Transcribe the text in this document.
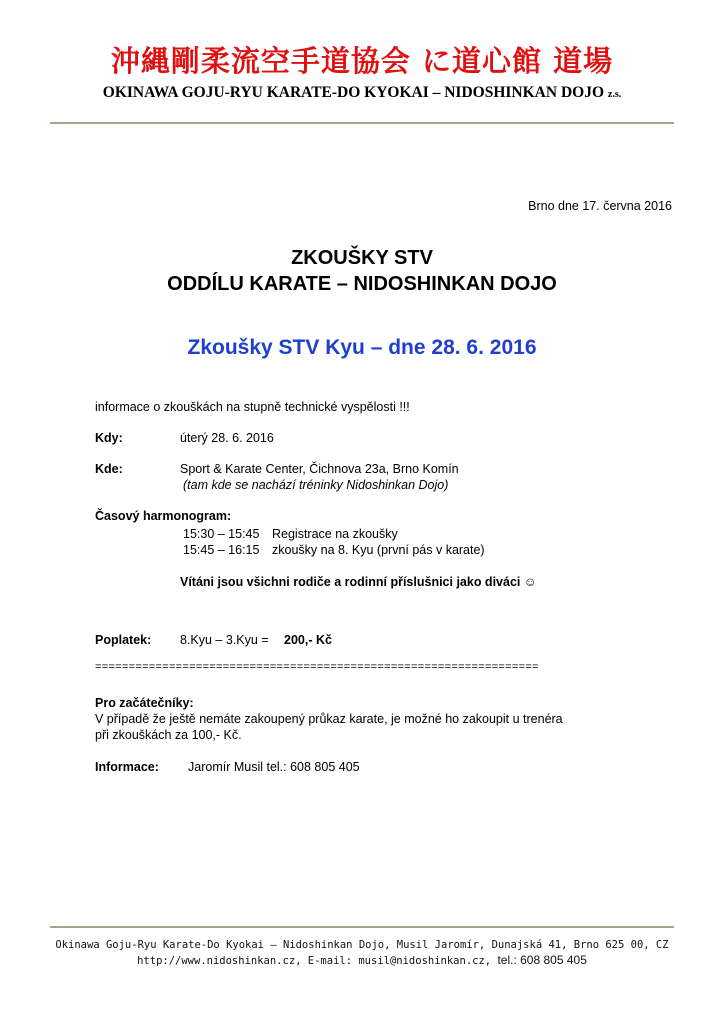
沖縄剛柔流空手道協会 に道心館 道場
OKINAWA GOJU-RYU KARATE-DO KYOKAI – NIDOSHINKAN DOJO z.s.
Brno dne 17. června 2016
ZKOUŠKY STV
ODDÍLU KARATE – NIDOSHINKAN DOJO
Zkoušky STV Kyu – dne 28. 6. 2016
informace o zkouškách na stupně technické vyspělosti !!!
Kdy:	úterý 28. 6. 2016
Kde:	Sport & Karate Center, Čichnova 23a, Brno Komín
(tam kde se nachází tréninky Nidoshinkan Dojo)
Časový harmonogram:
15:30 – 15:45 Registrace na zkoušky
15:45 – 16:15 zkoušky na 8. Kyu (první pás v karate)
Vítáni jsou všichni rodiče a rodinní příslušnici jako diváci ☺
Poplatek: 8.Kyu – 3.Kyu = 200,- Kč
==================================================================
Pro začátečníky:
V případě že ještě nemáte zakoupený průkaz karate, je možné ho zakoupit u trenéra
při zkouškách za 100,- Kč.
Informace: Jaromír Musil tel.: 608 805 405
Okinawa Goju-Ryu Karate-Do Kyokai – Nidoshinkan Dojo, Musil Jaromír, Dunajská 41, Brno 625 00, CZ
http://www.nidoshinkan.cz, E-mail: musil@nidoshinkan.cz, tel.: 608 805 405
